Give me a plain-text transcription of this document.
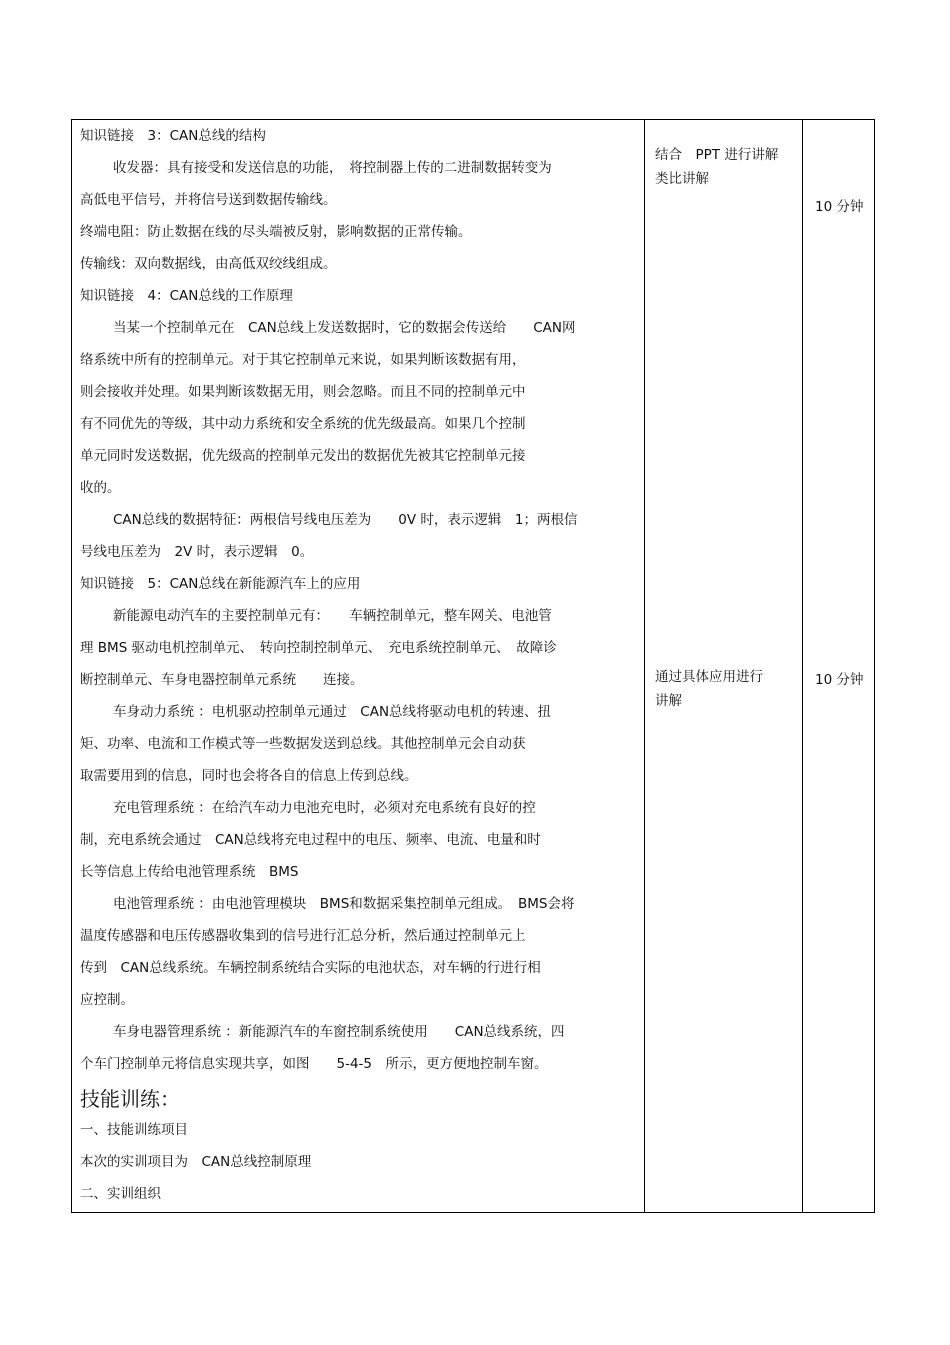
知识链接　3：CAN总线的结构
收发器：具有接受和发送信息的功能，　将控制器上传的二进制数据转变为
高低电平信号，并将信号送到数据传输线。
终端电阻：防止数据在线的尽头端被反射，影响数据的正常传输。
传输线：双向数据线，由高低双绞线组成。
知识链接　4：CAN总线的工作原理
当某一个控制单元在　CAN总线上发送数据时，它的数据会传送给　　CAN网
络系统中所有的控制单元。对于其它控制单元来说，如果判断该数据有用，
则会接收并处理。如果判断该数据无用，则会忽略。而且不同的控制单元中
有不同优先的等级，其中动力系统和安全系统的优先级最高。如果几个控制
单元同时发送数据，优先级高的控制单元发出的数据优先被其它控制单元接
收的。
CAN总线的数据特征：两根信号线电压差为　　0V 时，表示逻辑　1；两根信
号线电压差为　2V 时，表示逻辑　0。
知识链接　5：CAN总线在新能源汽车上的应用
新能源电动汽车的主要控制单元有：　　车辆控制单元，整车网关、电池管
理 BMS 驱动电机控制单元、　转向控制控制单元、　充电系统控制单元、　故障诊
断控制单元、车身电器控制单元系统　　连接。
车身动力系统 ：电机驱动控制单元通过　CAN总线将驱动电机的转速、扭
矩、功率、电流和工作模式等一些数据发送到总线。其他控制单元会自动获
取需要用到的信息，同时也会将各自的信息上传到总线。
充电管理系统 ：在给汽车动力电池充电时，必须对充电系统有良好的控
制，充电系统会通过　CAN总线将充电过程中的电压、频率、电流、电量和时
长等信息上传给电池管理系统　BMS
电池管理系统 ：由电池管理模块　BMS和数据采集控制单元组成。　BMS会将
温度传感器和电压传感器收集到的信号进行汇总分析，然后通过控制单元上
传到　CAN总线系统。车辆控制系统结合实际的电池状态，对车辆的行进行相
应控制。
车身电器管理系统 ：新能源汽车的车窗控制系统使用　　CAN总线系统，四
个车门控制单元将信息实现共享，如图　　5-4-5　所示，更方便地控制车窗。
技能训练：
一、技能训练项目
本次的实训项目为　CAN总线控制原理
二、实训组织
结合　PPT 进行讲解
类比讲解
通过具体应用进行
讲解
10 分钟
10 分钟
